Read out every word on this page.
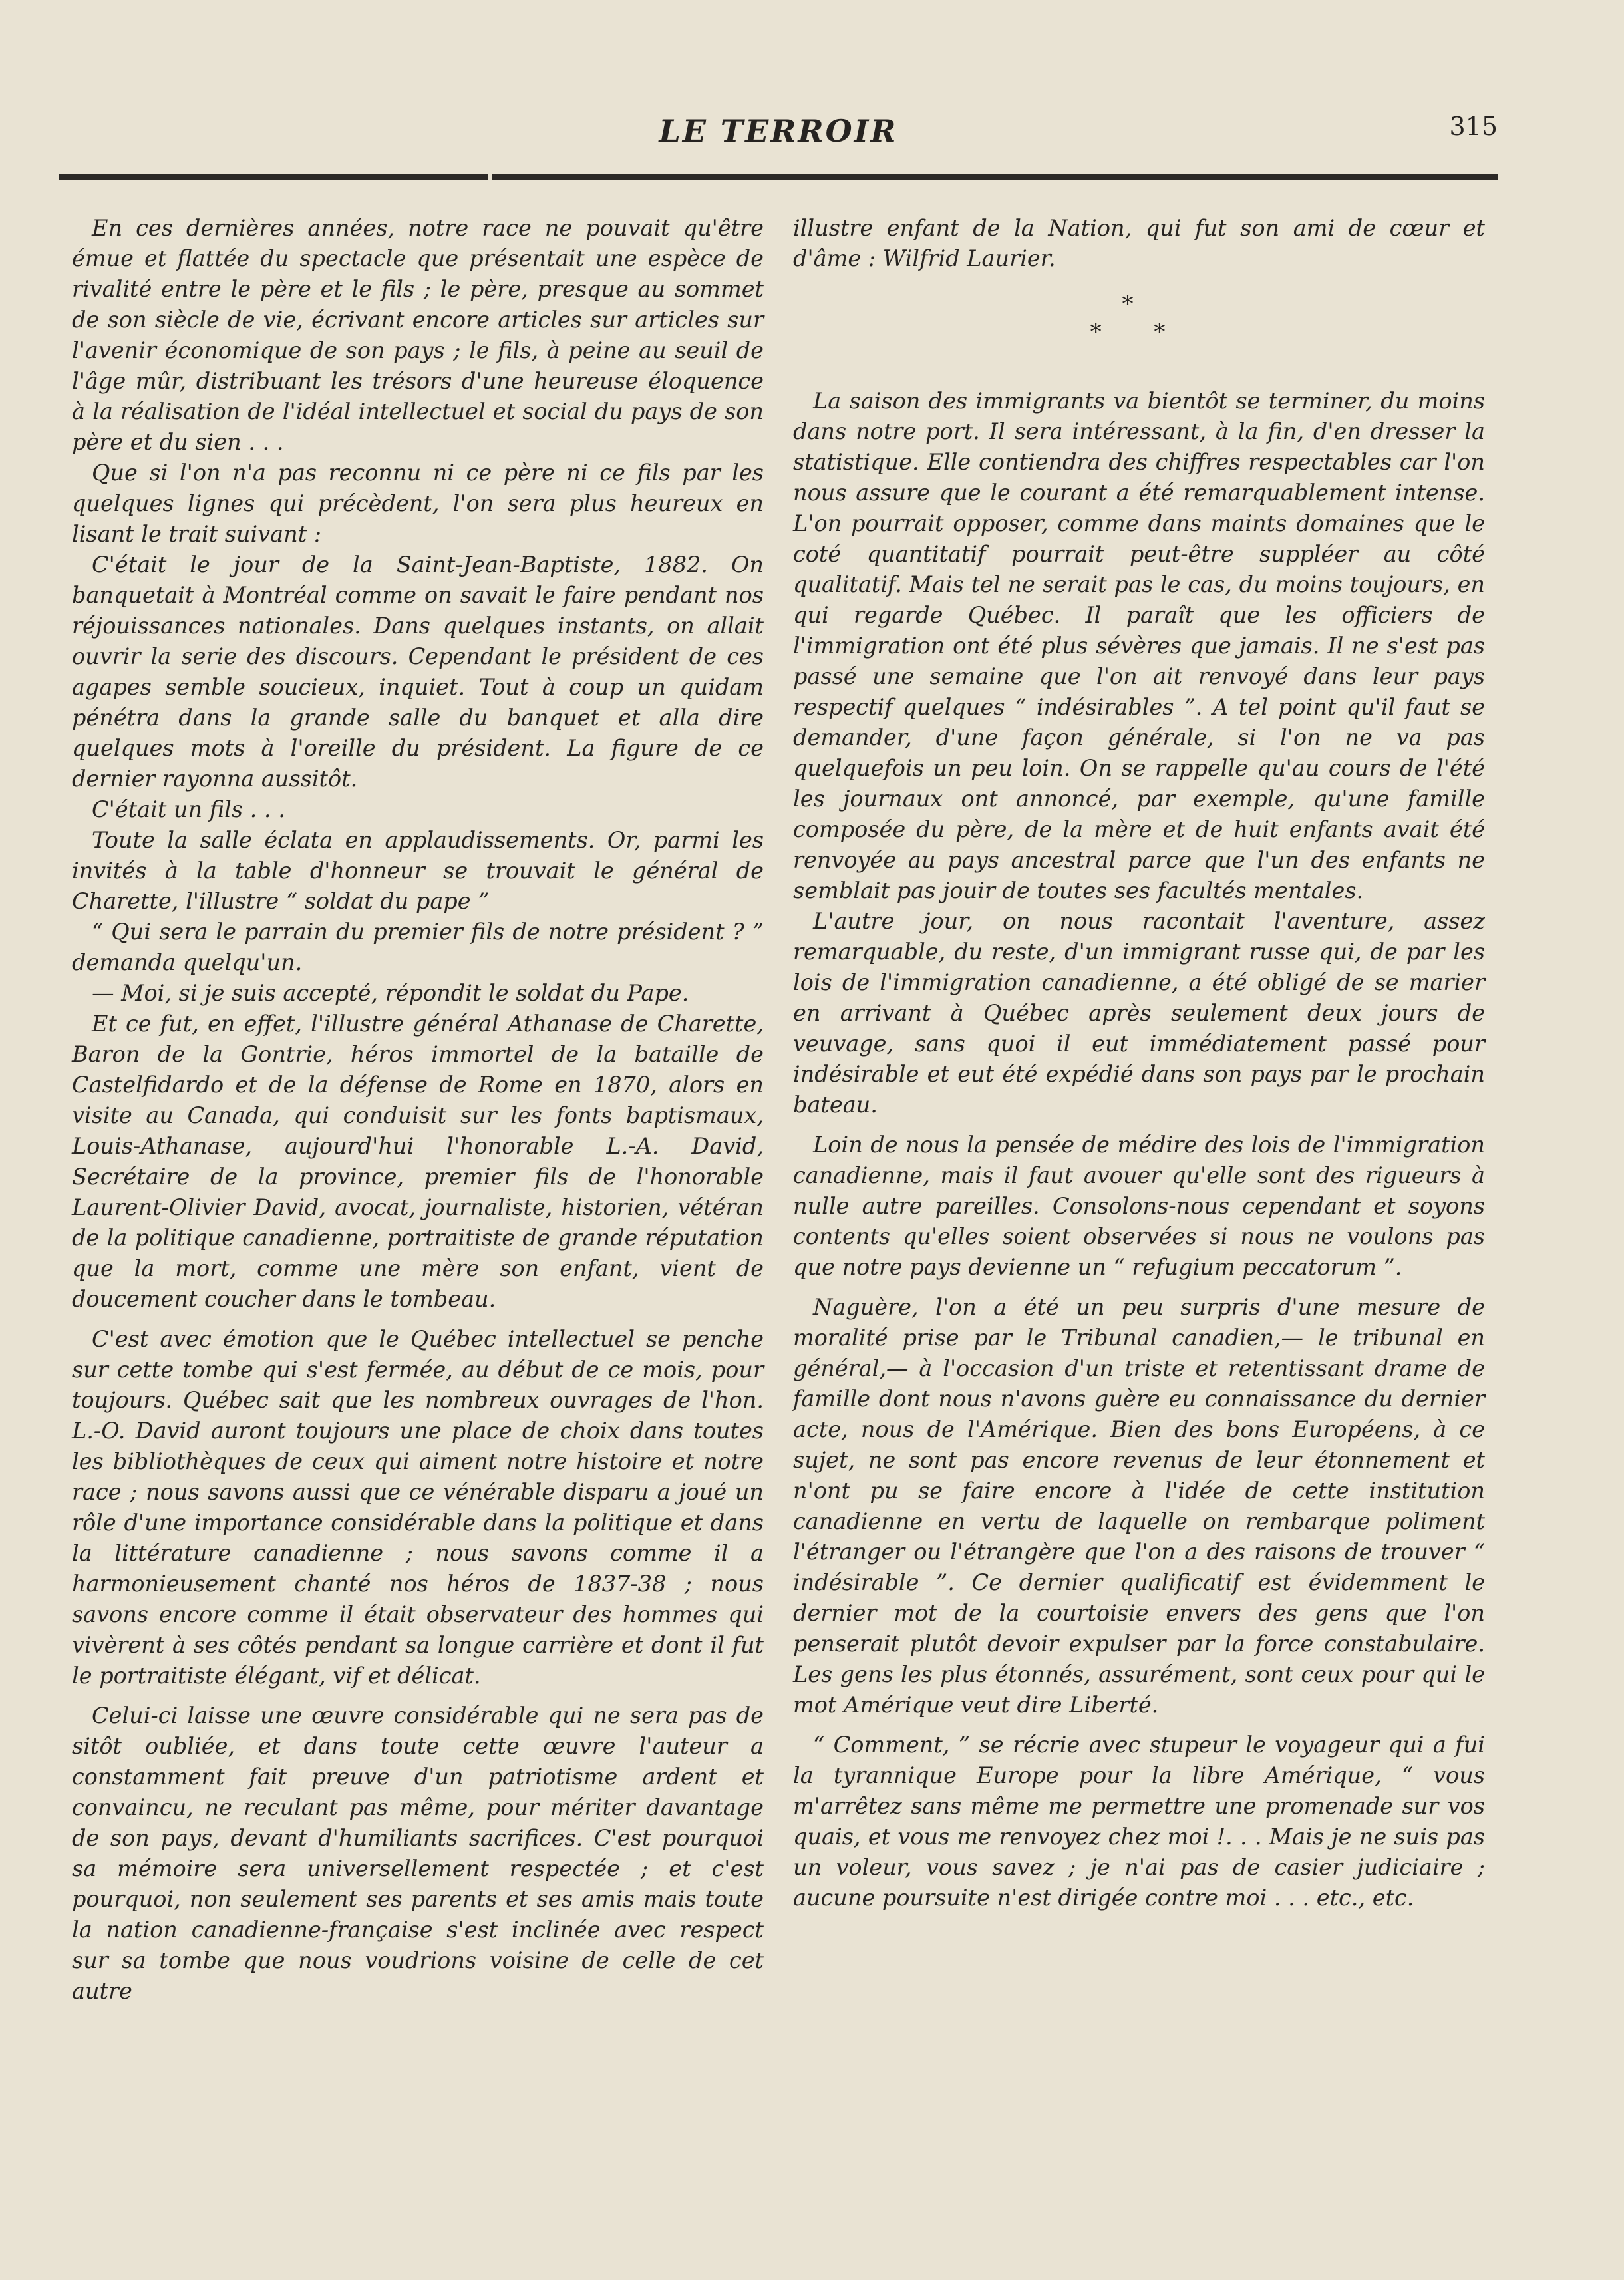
LE TERROIR	315

En ces dernières années, notre race ne pouvait qu'être émue et flattée du spectacle que présentait une espèce de rivalité entre le père et le fils ; le père, presque au sommet de son siècle de vie, écrivant encore articles sur articles sur l'avenir économique de son pays ; le fils, à peine au seuil de l'âge mûr, distribuant les trésors d'une heureuse éloquence à la réalisation de l'idéal intellectuel et social du pays de son père et du sien . . .

Que si l'on n'a pas reconnu ni ce père ni ce fils par les quelques lignes qui précèdent, l'on sera plus heureux en lisant le trait suivant :

C'était le jour de la Saint-Jean-Baptiste, 1882. On banquetait à Montréal comme on savait le faire pendant nos réjouissances nationales. Dans quelques instants, on allait ouvrir la serie des discours. Cependant le président de ces agapes semble soucieux, inquiet. Tout à coup un quidam pénétra dans la grande salle du banquet et alla dire quelques mots à l'oreille du président. La figure de ce dernier rayonna aussitôt.

C'était un fils . . .

Toute la salle éclata en applaudissements. Or, parmi les invités à la table d'honneur se trouvait le général de Charette, l'illustre “ soldat du pape ”

“ Qui sera le parrain du premier fils de notre président ? ” demanda quelqu'un.

— Moi, si je suis accepté, répondit le soldat du Pape.

Et ce fut, en effet, l'illustre général Athanase de Charette, Baron de la Gontrie, héros immortel de la bataille de Castelfidardo et de la défense de Rome en 1870, alors en visite au Canada, qui conduisit sur les fonts baptismaux, Louis-Athanase, aujourd'hui l'honorable L.-A. David, Secrétaire de la province, premier fils de l'honorable Laurent-Olivier David, avocat, journaliste, historien, vétéran de la politique canadienne, portraitiste de grande réputation que la mort, comme une mère son enfant, vient de doucement coucher dans le tombeau.

C'est avec émotion que le Québec intellectuel se penche sur cette tombe qui s'est fermée, au début de ce mois, pour toujours. Québec sait que les nombreux ouvrages de l'hon. L.-O. David auront toujours une place de choix dans toutes les bibliothèques de ceux qui aiment notre histoire et notre race ; nous savons aussi que ce vénérable disparu a joué un rôle d'une importance considérable dans la politique et dans la littérature canadienne ; nous savons comme il a harmonieusement chanté nos héros de 1837-38 ; nous savons encore comme il était observateur des hommes qui vivèrent à ses côtés pendant sa longue carrière et dont il fut le portraitiste élégant, vif et délicat.

Celui-ci laisse une œuvre considérable qui ne sera pas de sitôt oubliée, et dans toute cette œuvre l'auteur a constamment fait preuve d'un patriotisme ardent et convaincu, ne reculant pas même, pour mériter davantage de son pays, devant d'humiliants sacrifices. C'est pourquoi sa mémoire sera universellement respectée ; et c'est pourquoi, non seulement ses parents et ses amis mais toute la nation canadienne-française s'est inclinée avec respect sur sa tombe que nous voudrions voisine de celle de cet autre

illustre enfant de la Nation, qui fut son ami de cœur et d'âme : Wilfrid Laurier.

*
* *

La saison des immigrants va bientôt se terminer, du moins dans notre port. Il sera intéressant, à la fin, d'en dresser la statistique. Elle contiendra des chiffres respectables car l'on nous assure que le courant a été remarquablement intense. L'on pourrait opposer, comme dans maints domaines que le coté quantitatif pourrait peut-être suppléer au côté qualitatif. Mais tel ne serait pas le cas, du moins toujours, en qui regarde Québec. Il paraît que les officiers de l'immigration ont été plus sévères que jamais. Il ne s'est pas passé une semaine que l'on ait renvoyé dans leur pays respectif quelques “ indésirables ”. A tel point qu'il faut se demander, d'une façon générale, si l'on ne va pas quelquefois un peu loin. On se rappelle qu'au cours de l'été les journaux ont annoncé, par exemple, qu'une famille composée du père, de la mère et de huit enfants avait été renvoyée au pays ancestral parce que l'un des enfants ne semblait pas jouir de toutes ses facultés mentales.

L'autre jour, on nous racontait l'aventure, assez remarquable, du reste, d'un immigrant russe qui, de par les lois de l'immigration canadienne, a été obligé de se marier en arrivant à Québec après seulement deux jours de veuvage, sans quoi il eut immédiatement passé pour indésirable et eut été expédié dans son pays par le prochain bateau.

Loin de nous la pensée de médire des lois de l'immigration canadienne, mais il faut avouer qu'elle sont des rigueurs à nulle autre pareilles. Consolons-nous cependant et soyons contents qu'elles soient observées si nous ne voulons pas que notre pays devienne un “ refugium peccatorum ”.

Naguère, l'on a été un peu surpris d'une mesure de moralité prise par le Tribunal canadien,— le tribunal en général,— à l'occasion d'un triste et retentissant drame de famille dont nous n'avons guère eu connaissance du dernier acte, nous de l'Amérique. Bien des bons Européens, à ce sujet, ne sont pas encore revenus de leur étonnement et n'ont pu se faire encore à l'idée de cette institution canadienne en vertu de laquelle on rembarque poliment l'étranger ou l'étrangère que l'on a des raisons de trouver “ indésirable ”. Ce dernier qualificatif est évidemment le dernier mot de la courtoisie envers des gens que l'on penserait plutôt devoir expulser par la force constabulaire. Les gens les plus étonnés, assurément, sont ceux pour qui le mot Amérique veut dire Liberté.

“ Comment, ” se récrie avec stupeur le voyageur qui a fui la tyrannique Europe pour la libre Amérique, “ vous m'arrêtez sans même me permettre une promenade sur vos quais, et vous me renvoyez chez moi !. . . Mais je ne suis pas un voleur, vous savez ; je n'ai pas de casier judiciaire ; aucune poursuite n'est dirigée contre moi . . . etc., etc.
